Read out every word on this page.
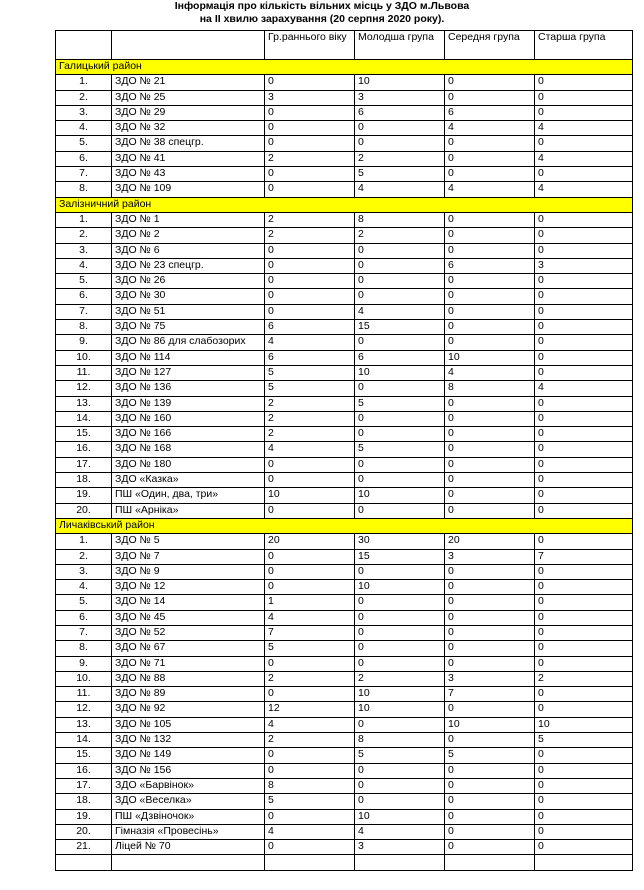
Інформація про кількість вільних місць у ЗДО м.Львова
на ІІ хвилю зарахування (20 серпня 2020 року).
		Гр.раннього віку	Молодша група	Середня група	Старша група
Галицький район					
1.	ЗДО № 21	0	10	0	0
2.	ЗДО № 25	3	3	0	0
3.	ЗДО № 29	0	6	6	0
4.	ЗДО № 32	0	0	4	4
5.	ЗДО № 38 спецгр.	0	0	0	0
6.	ЗДО № 41	2	2	0	4
7.	ЗДО № 43	0	5	0	0
8.	ЗДО № 109	0	4	4	4
Залізничний район					
1.	ЗДО № 1	2	8	0	0
2.	ЗДО № 2	2	2	0	0
3.	ЗДО № 6	0	0	0	0
4.	ЗДО № 23 спецгр.	0	0	6	3
5.	ЗДО № 26	0	0	0	0
6.	ЗДО № 30	0	0	0	0
7.	ЗДО № 51	0	4	0	0
8.	ЗДО № 75	6	15	0	0
9.	ЗДО № 86 для слабозорих	4	0	0	0
10.	ЗДО № 114	6	6	10	0
11.	ЗДО № 127	5	10	4	0
12.	ЗДО № 136	5	0	8	4
13.	ЗДО № 139	2	5	0	0
14.	ЗДО № 160	2	0	0	0
15.	ЗДО № 166	2	0	0	0
16.	ЗДО № 168	4	5	0	0
17.	ЗДО № 180	0	0	0	0
18.	ЗДО «Казка»	0	0	0	0
19.	ПШ «Один, два, три»	10	10	0	0
20.	ПШ «Арніка»	0	0	0	0
Личаківський район					
1.	ЗДО № 5	20	30	20	0
2.	ЗДО № 7	0	15	3	7
3.	ЗДО № 9	0	0	0	0
4.	ЗДО № 12	0	10	0	0
5.	ЗДО № 14	1	0	0	0
6.	ЗДО № 45	4	0	0	0
7.	ЗДО № 52	7	0	0	0
8.	ЗДО № 67	5	0	0	0
9.	ЗДО № 71	0	0	0	0
10.	ЗДО № 88	2	2	3	2
11.	ЗДО № 89	0	10	7	0
12.	ЗДО № 92	12	10	0	0
13.	ЗДО № 105	4	0	10	10
14.	ЗДО № 132	2	8	0	5
15.	ЗДО № 149	0	5	5	0
16.	ЗДО № 156	0	0	0	0
17.	ЗДО «Барвінок»	8	0	0	0
18.	ЗДО «Веселка»	5	0	0	0
19.	ПШ «Дзвіночок»	0	10	0	0
20.	Гімназія «Провесінь»	4	4	0	0
21.	Ліцей № 70	0	3	0	0
